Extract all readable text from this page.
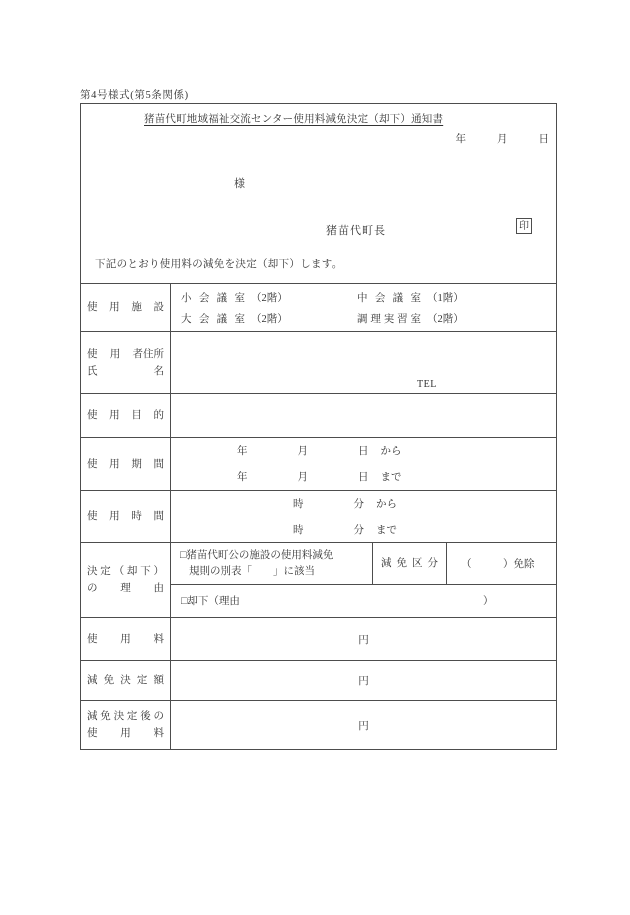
第4号様式(第5条関係)
猪苗代町地域福祉交流センター使用料減免決定（却下）通知書
年	月	日
様
猪苗代町長	印
下記のとおり使用料の減免を決定（却下）します。
使用施設
小会議室 （2階）	中会議室 （1階）
大会議室 （2階）	調理実習室 （2階）
使 用 者住所
氏名
TEL
使用目的
使用期間
年	月	日 から
年	月	日 まで
使用時間
時	分 から
時	分 まで
決定（却下）
の理由
□猪苗代町公の施設の使用料減免
規則の別表「　　」に該当
減免区分 （　　　）免除
□却下（理由	）
使用料	円
減免決定額	円
減免決定後の
使用料
円
